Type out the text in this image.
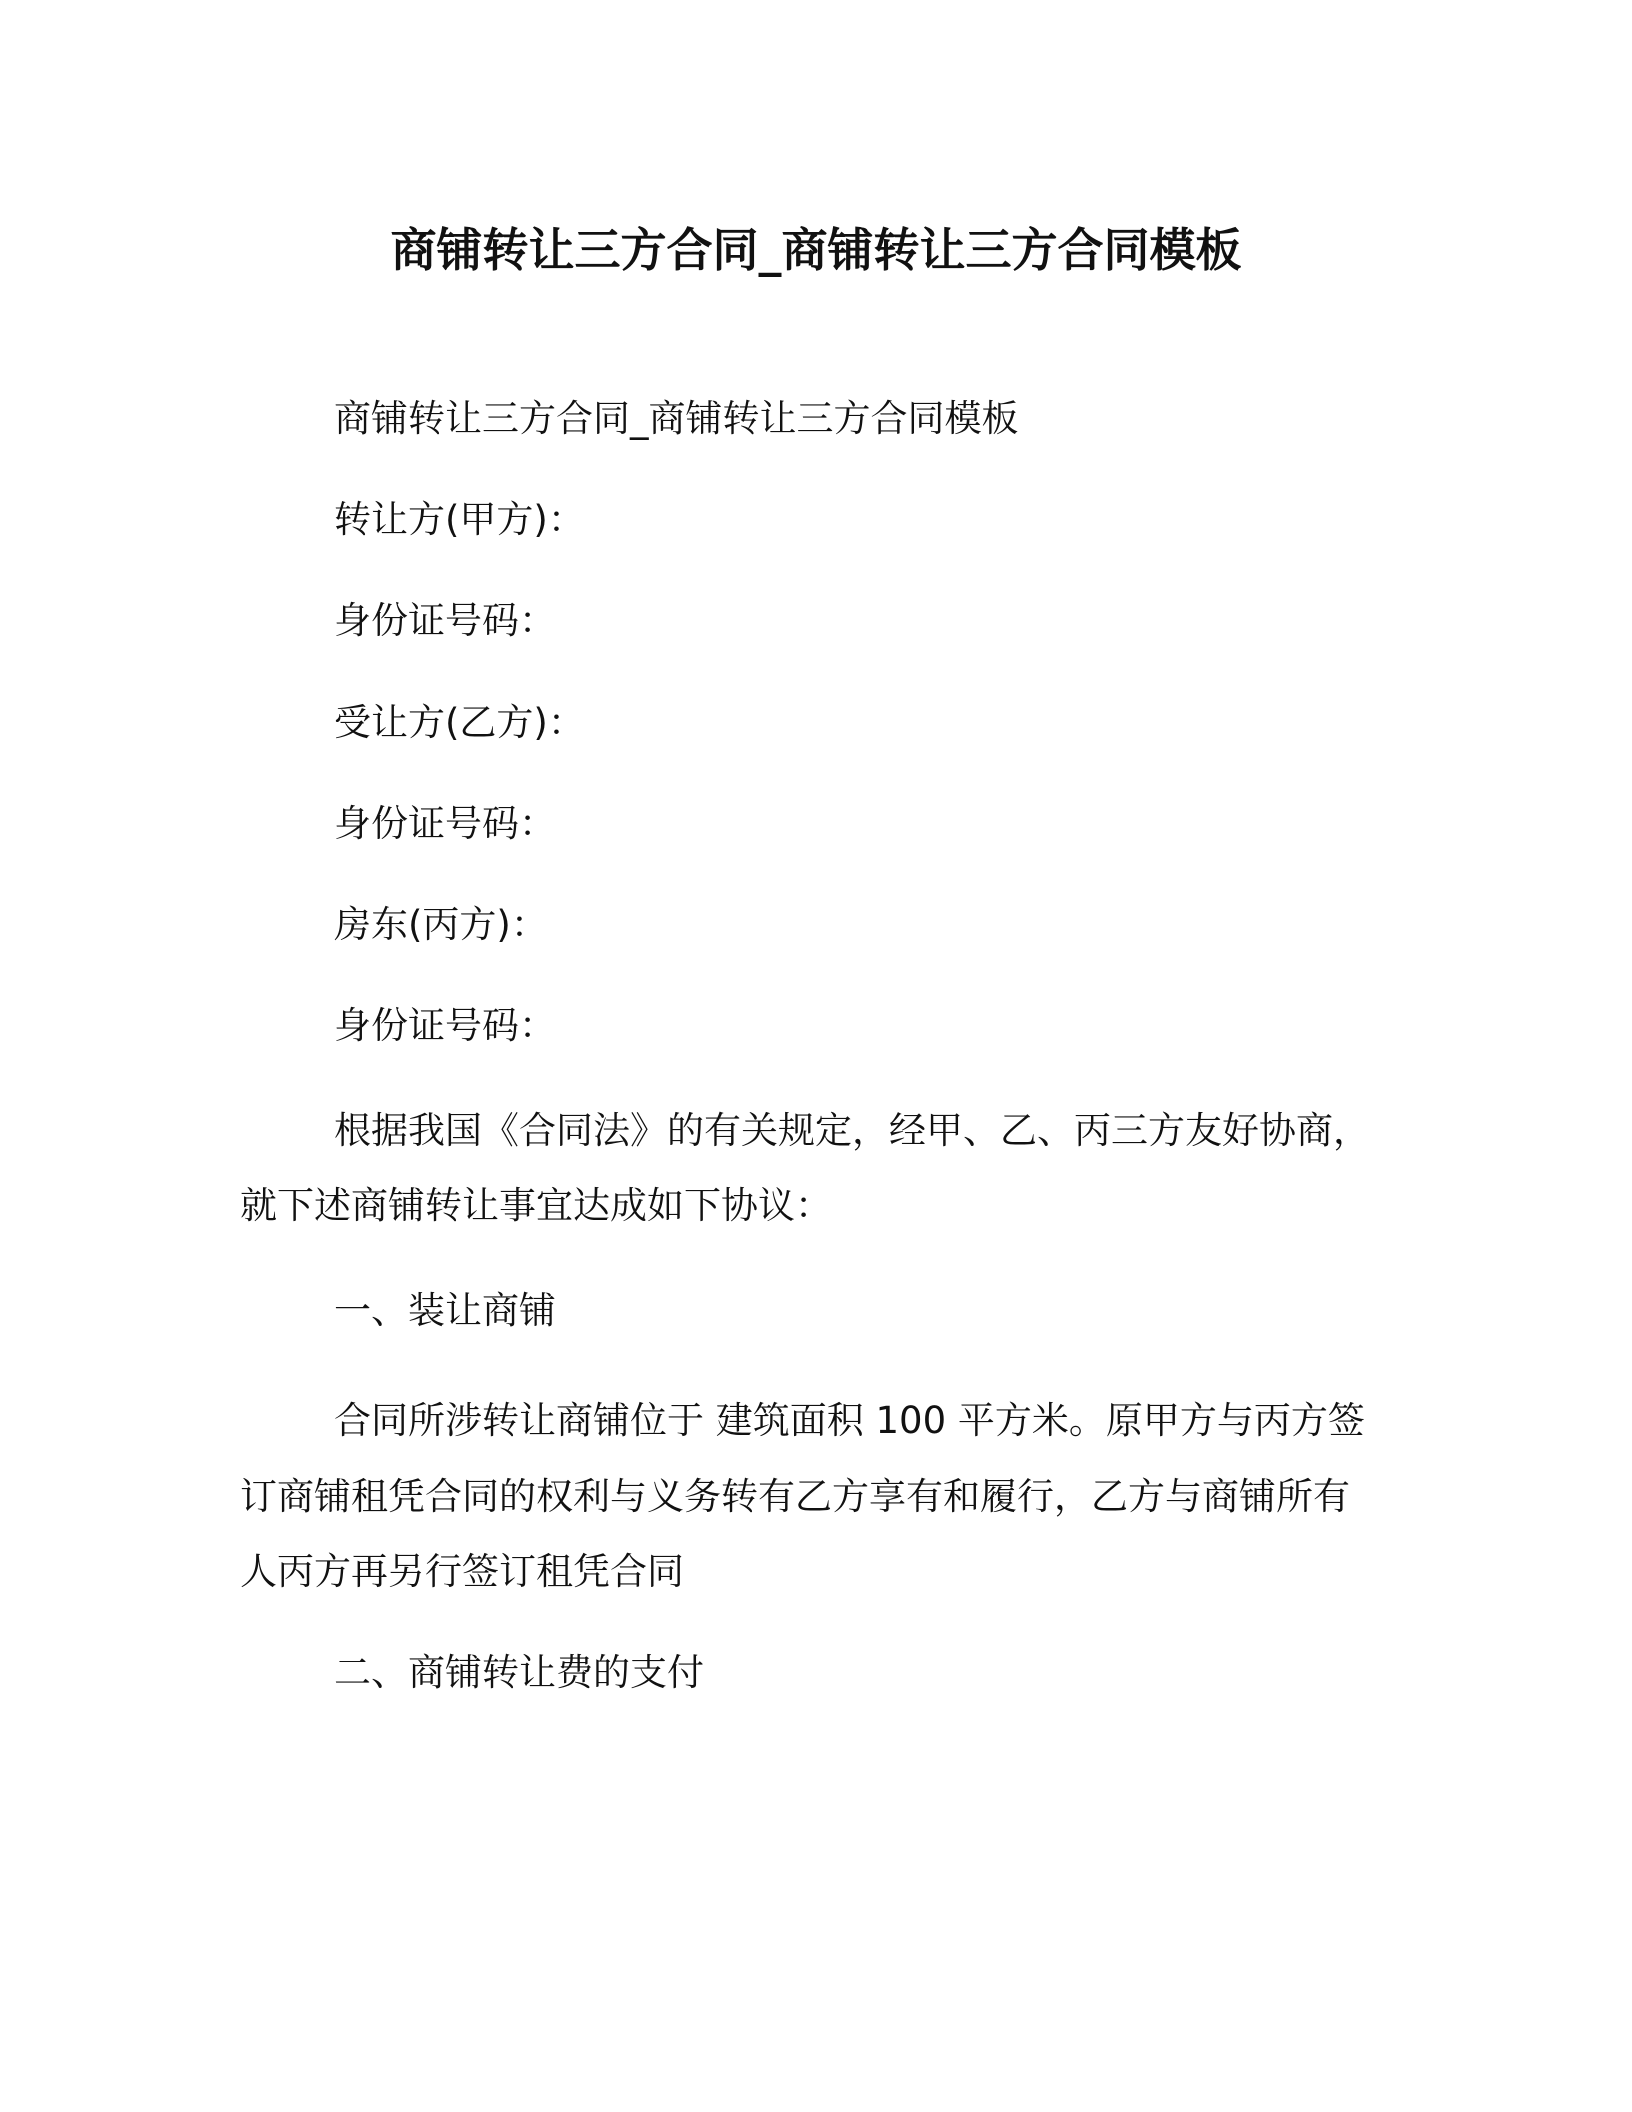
商铺转让三方合同_商铺转让三方合同模板

商铺转让三方合同_商铺转让三方合同模板

转让方(甲方)：

身份证号码：

受让方(乙方)：

身份证号码：

房东(丙方)：

身份证号码：

根据我国《合同法》的有关规定，经甲、乙、丙三方友好协商，

就下述商铺转让事宜达成如下协议：

一、装让商铺

合同所涉转让商铺位于 建筑面积 100 平方米。原甲方与丙方签

订商铺租凭合同的权利与义务转有乙方享有和履行，乙方与商铺所有

人丙方再另行签订租凭合同

二、商铺转让费的支付
